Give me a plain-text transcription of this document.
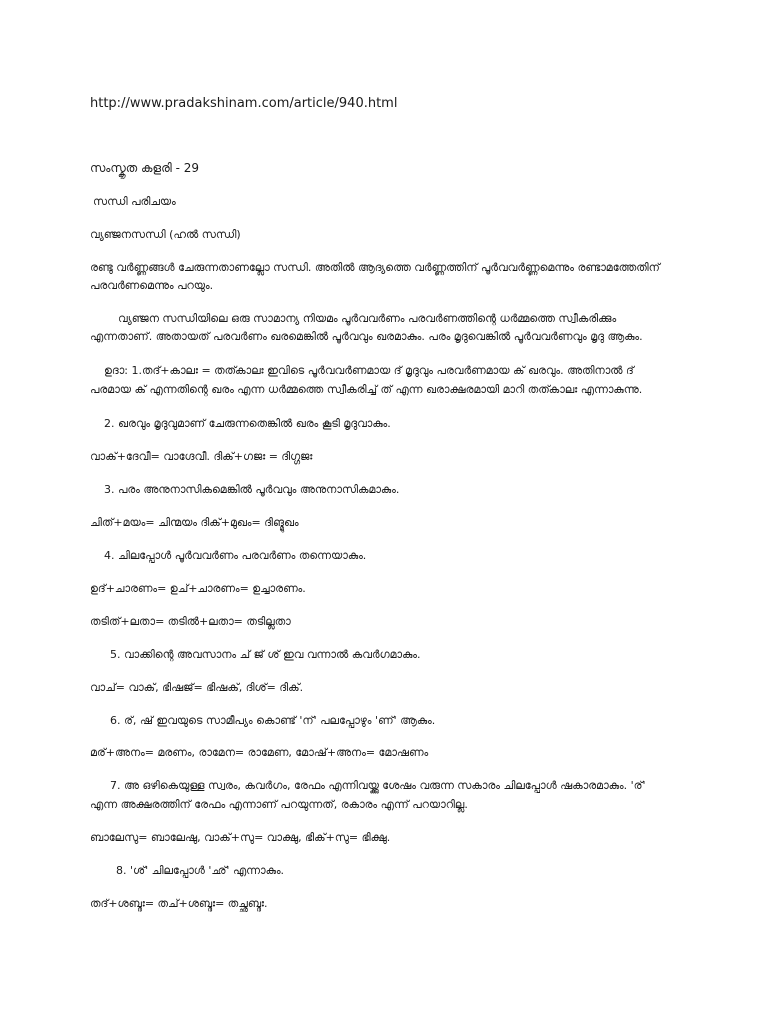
http://www.pradakshinam.com/article/940.html
സംസ്കൃത കളരി - 29
സന്ധി പരിചയം
വ്യഞ്ജനസന്ധി (ഹൽ സന്ധി)
രണ്ടു വർണ്ണങ്ങൾ ചേരുന്നതാണല്ലോ സന്ധി. അതിൽ ആദ്യത്തെ വർണ്ണത്തിന് പൂർവവർണ്ണമെന്നും രണ്ടാമത്തേതിന്
പരവർണമെന്നും പറയും.
വ്യഞ്ജന സന്ധിയിലെ ഒരു സാമാന്യ നിയമം പൂർവവർണം പരവർണത്തിന്റെ ധർമ്മത്തെ സ്വീകരിക്കും
എന്നതാണ്. അതായത് പരവർണം ഖരമെങ്കിൽ പൂർവവും ഖരമാകും. പരം മൃദുവെങ്കിൽ പൂർവവർണവും മൃദു ആകും.
ഉദാ: 1.തദ്+കാലഃ = തത്കാലഃ ഇവിടെ പൂർവവർണമായ ദ് മൃദുവും പരവർണമായ ക് ഖരവും. അതിനാൽ ദ്
പരമായ ക് എന്നതിന്റെ ഖരം എന്ന ധർമ്മത്തെ സ്വീകരിച്ച് ത് എന്ന ഖരാക്ഷരമായി മാറി തത്കാലഃ എന്നാകുന്നു.
2. ഖരവും മൃദുവുമാണ് ചേരുന്നതെങ്കിൽ ഖരം കൂടി മൃദുവാകും.
വാക്+ദേവീ= വാഗ്ദേവീ. ദിക്+ഗജഃ = ദിഗ്ഗജഃ
3. പരം അനുനാസികമെങ്കിൽ പൂർവവും അനുനാസികമാകും.
ചിത്+മയം= ചിന്മയം ദിക്+മുഖം= ദിങ്മുഖം
4. ചിലപ്പോൾ പൂർവവർണം പരവർണം തന്നെയാകും.
ഉദ്+ചാരണം= ഉച്+ചാരണം= ഉച്ചാരണം.
തടിത്+ലതാ= തടിൽ+ലതാ= തടില്ലതാ
5. വാക്കിന്റെ അവസാനം ച് ജ് ശ് ഇവ വന്നാൽ കവർഗമാകും.
വാച്= വാക്, ഭിഷജ്= ഭിഷക്, ദിശ്= ദിക്.
6. ര്, ഷ് ഇവയുടെ സാമീപ്യം കൊണ്ട് 'ന്' പലപ്പോഴും 'ണ്' ആകും.
മര്+അനം= മരണം, രാമേന= രാമേണ, മോഷ്+അനം= മോഷണം
7. അ ഒഴികെയുള്ള സ്വരം, കവർഗം, രേഫം എന്നിവയ്ക്കു ശേഷം വരുന്ന സകാരം ചിലപ്പോൾ ഷകാരമാകും. 'ര്'
എന്ന അക്ഷരത്തിന് രേഫം എന്നാണ് പറയുന്നത്, രകാരം എന്ന് പറയാറില്ല.
ബാലേസു= ബാലേഷു, വാക്+സു= വാക്ഷു, ഭിക്+സു= ഭിക്ഷു.
8. 'ശ്' ചിലപ്പോൾ 'ഛ്' എന്നാകും.
തദ്+ശബ്ദഃ= തച്+ശബ്ദഃ= തച്ഛബ്ദഃ.
